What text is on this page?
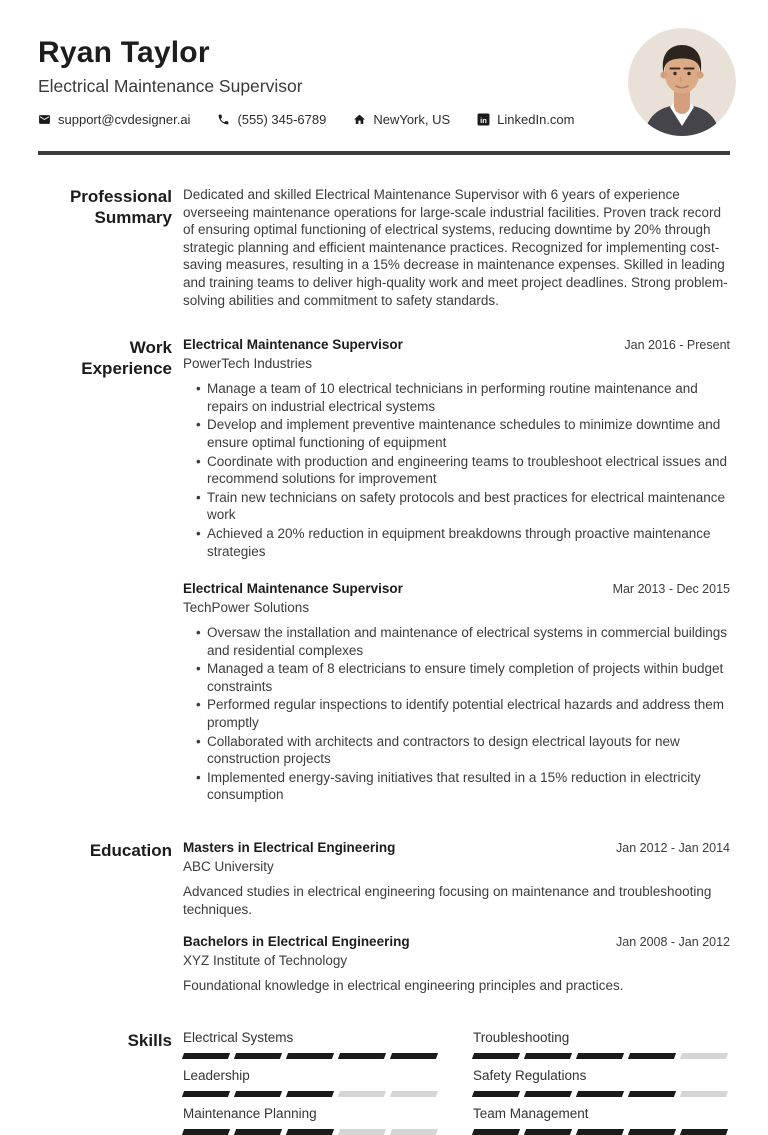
Ryan Taylor
Electrical Maintenance Supervisor
support@cvdesigner.ai	(555) 345-6789	NewYork, US in LinkedIn.com
Professional Summary

Dedicated and skilled Electrical Maintenance Supervisor with 6 years of experience overseeing maintenance operations for large-scale industrial facilities. Proven track record of ensuring optimal functioning of electrical systems, reducing downtime by 20% through strategic planning and efficient maintenance practices. Recognized for implementing cost-saving measures, resulting in a 15% decrease in maintenance expenses. Skilled in leading and training teams to deliver high-quality work and meet project deadlines. Strong problem-solving abilities and commitment to safety standards.

Work Experience
Electrical Maintenance Supervisor	Jan 2016 - Present
PowerTech Industries
• Manage a team of 10 electrical technicians in performing routine maintenance and repairs on industrial electrical systems
• Develop and implement preventive maintenance schedules to minimize downtime and ensure optimal functioning of equipment
• Coordinate with production and engineering teams to troubleshoot electrical issues and recommend solutions for improvement
• Train new technicians on safety protocols and best practices for electrical maintenance work
• Achieved a 20% reduction in equipment breakdowns through proactive maintenance strategies
Electrical Maintenance Supervisor	Mar 2013 - Dec 2015
TechPower Solutions
• Oversaw the installation and maintenance of electrical systems in commercial buildings and residential complexes
• Managed a team of 8 electricians to ensure timely completion of projects within budget constraints
• Performed regular inspections to identify potential electrical hazards and address them promptly
• Collaborated with architects and contractors to design electrical layouts for new construction projects
• Implemented energy-saving initiatives that resulted in a 15% reduction in electricity consumption
Education Masters in Electrical Engineering	Jan 2012 - Jan 2014
ABC University
Advanced studies in electrical engineering focusing on maintenance and troubleshooting techniques.
Bachelors in Electrical Engineering	Jan 2008 - Jan 2012
XYZ Institute of Technology
Foundational knowledge in electrical engineering principles and practices.
Skills Electrical Systems	Troubleshooting
Leadership	Safety Regulations
Maintenance Planning	Team Management
